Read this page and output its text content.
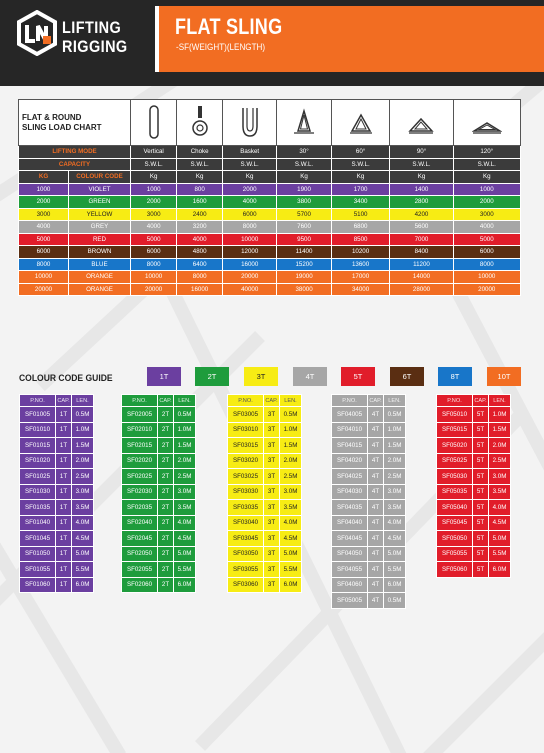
LIFTING
RIGGING
FLAT SLING
-SF(WEIGHT)(LENGTH)
FLAT & ROUND
SLING LOAD CHART

LIFTING MODE		Vertical	Choke	Basket	30°	60°	90°	120°
CAPACITY		S.W.L.	S.W.L.	S.W.L.	S.W.L.	S.W.L.	S.W.L.	S.W.L.
KG	COLOUR CODE	Kg	Kg	Kg	Kg	Kg	Kg	Kg
1000	VIOLET	1000	800	2000	1900	1700	1400	1000
2000	GREEN	2000	1600	4000	3800	3400	2800	2000
3000	YELLOW	3000	2400	6000	5700	5100	4200	3000
4000	GREY	4000	3200	8000	7600	6800	5600	4000
5000	RED	5000	4000	10000	9500	8500	7000	5000
6000	BROWN	6000	4800	12000	11400	10200	8400	6000
8000	BLUE	8000	6400	16000	15200	13600	11200	8000
10000	ORANGE	10000	8000	20000	19000	17000	14000	10000
20000	ORANGE	20000	16000	40000	38000	34000	28000	20000
COLOUR CODE GUIDE	1T	2T	3T	4T	5T	6T	8T	10T
P.NO.	CAP.	LEN.
SF01005	1T	0.5M
SF01010	1T	1.0M
SF01015	1T	1.5M
SF01020	1T	2.0M
SF01025	1T	2.5M
SF01030	1T	3.0M
SF01035	1T	3.5M
SF01040	1T	4.0M
SF01045	1T	4.5M
SF01050	1T	5.0M
SF01055	1T	5.5M
SF01060	1T	6.0M
P.NO.	CAP.	LEN.
SF02005	2T	0.5M
SF02010	2T	1.0M
SF02015	2T	1.5M
SF02020	2T	2.0M
SF02025	2T	2.5M
SF02030	2T	3.0M
SF02035	2T	3.5M
SF02040	2T	4.0M
SF02045	2T	4.5M
SF02050	2T	5.0M
SF02055	2T	5.5M
SF02060	2T	6.0M
P.NO.	CAP.	LEN.
SF03005	3T	0.5M
SF03010	3T	1.0M
SF03015	3T	1.5M
SF03020	3T	2.0M
SF03025	3T	2.5M
SF03030	3T	3.0M
SF03035	3T	3.5M
SF03040	3T	4.0M
SF03045	3T	4.5M
SF03050	3T	5.0M
SF03055	3T	5.5M
SF03060	3T	6.0M
P.NO.	CAP.	LEN.
SF04005	4T	0.5M
SF04010	4T	1.0M
SF04015	4T	1.5M
SF04020	4T	2.0M
SF04025	4T	2.5M
SF04030	4T	3.0M
SF04035	4T	3.5M
SF04040	4T	4.0M
SF04045	4T	4.5M
SF04050	4T	5.0M
SF04055	4T	5.5M
SF04060	4T	6.0M
SF05005	4T	0.5M
P.NO.	CAP.	LEN.
SF05010	5T	1.0M
SF05015	5T	1.5M
SF05020	5T	2.0M
SF05025	5T	2.5M
SF05030	5T	3.0M
SF05035	5T	3.5M
SF05040	5T	4.0M
SF05045	5T	4.5M
SF05050	5T	5.0M
SF05055	5T	5.5M
SF05060	5T	6.0M
